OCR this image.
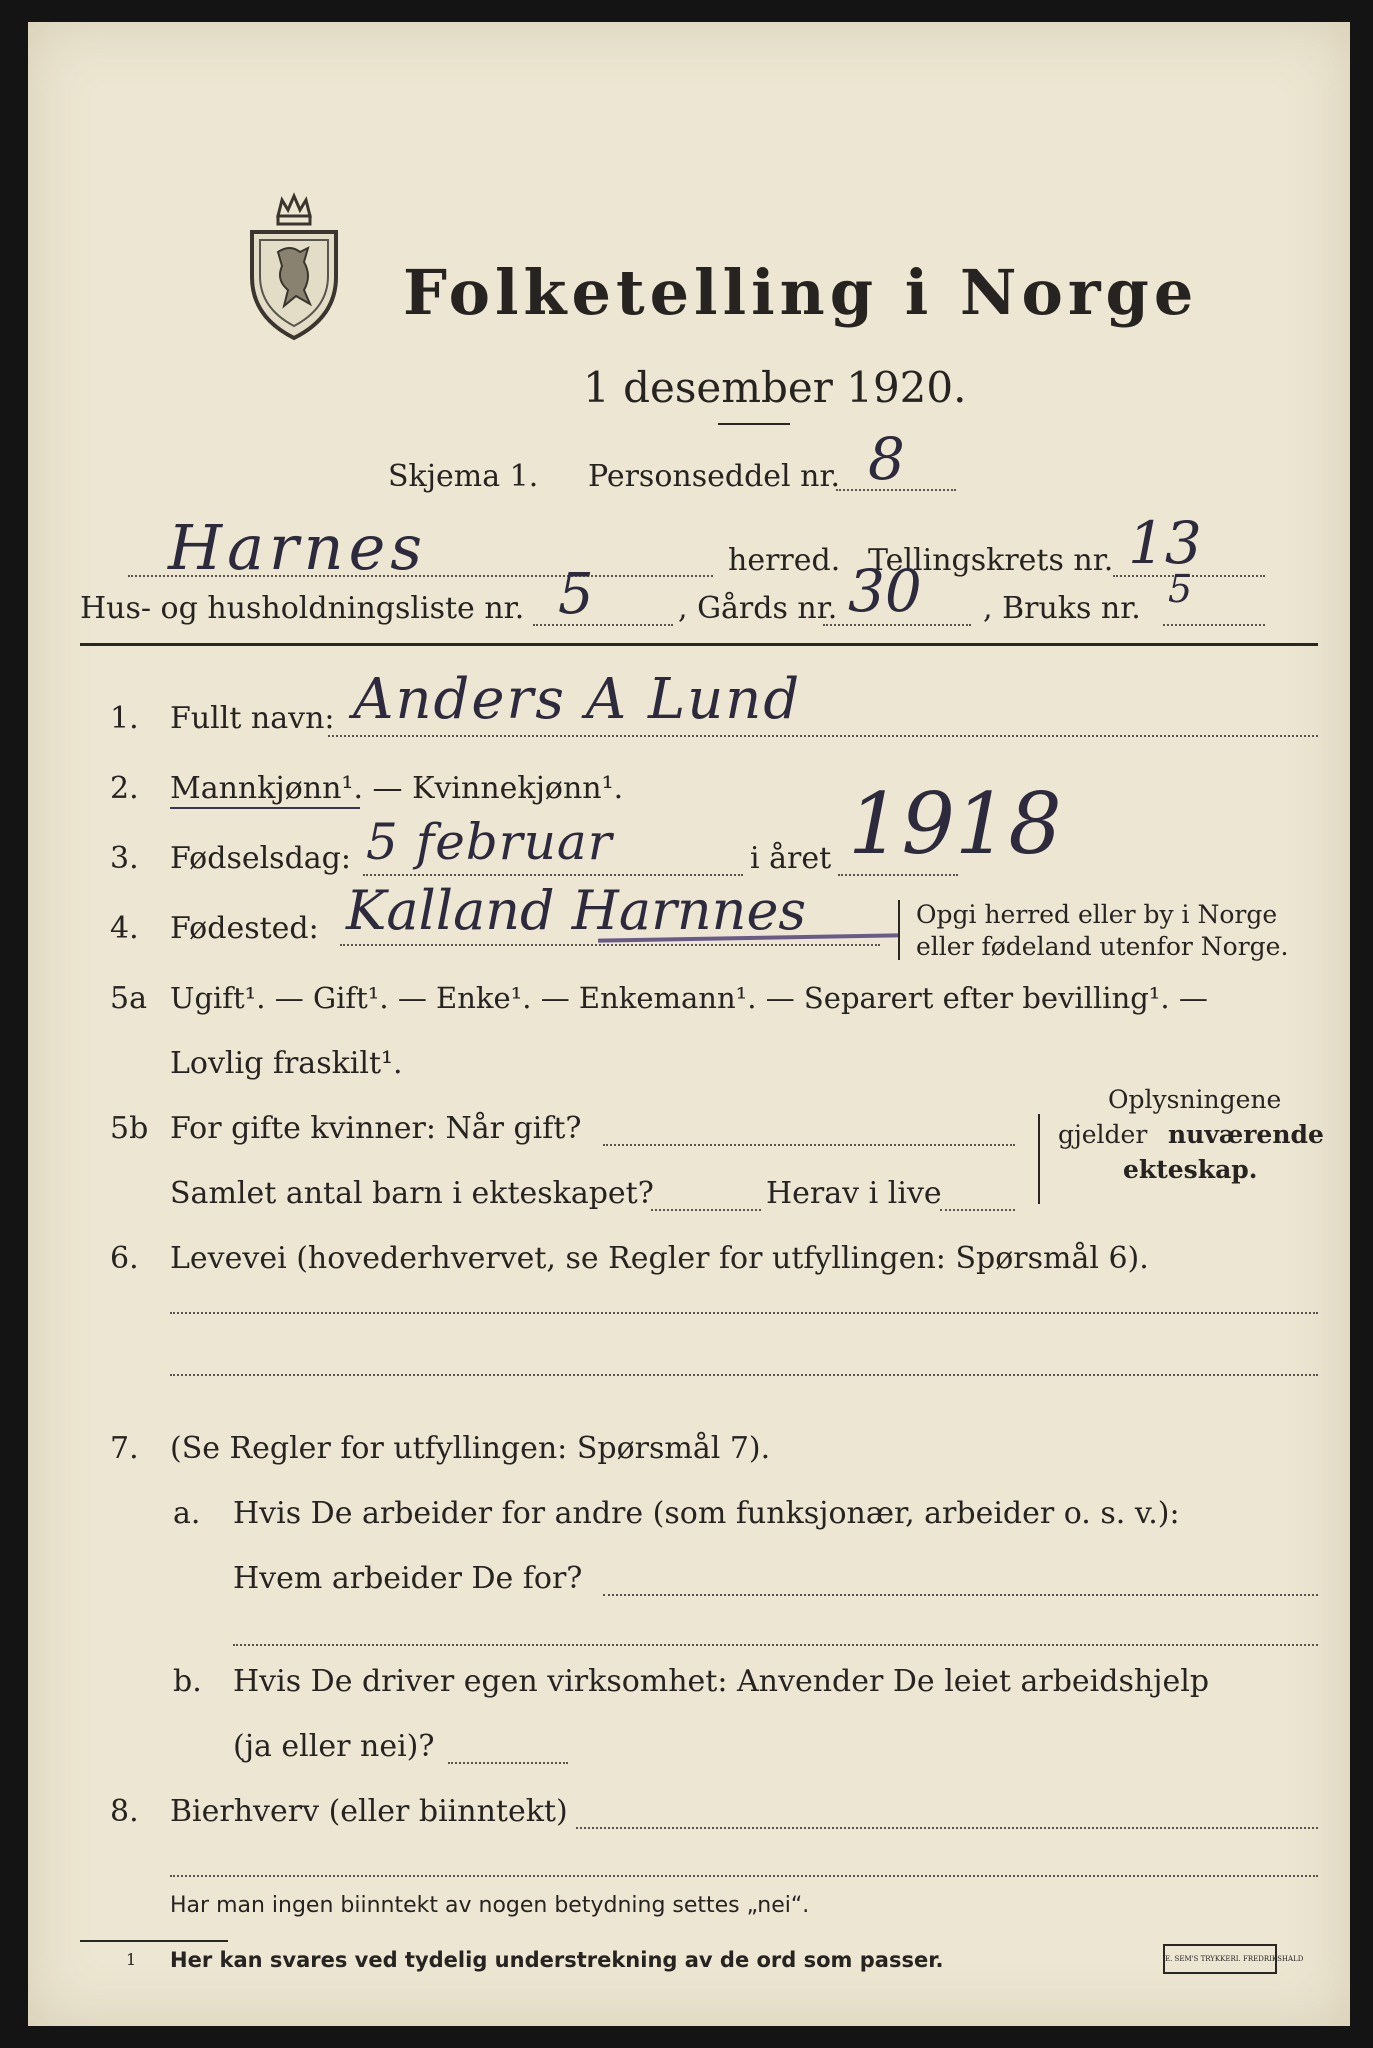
Folketelling i Norge
1 desember 1920.
Skjema 1. Personseddel nr. 8
Harnes	herred. Tellingskrets nr. 13
Hus- og husholdningsliste nr. 5	, Gårds nr. 30 , Bruks nr. 5
1. Fullt navn: Anders A Lund
2. Mannkjønn¹. — Kvinnekjønn¹.
3. Fødselsdag: 5 februar	i året 1918
4. Fødested: Kalland Harnnes	Opgi herred eller by i Norge
eller fødeland utenfor Norge.
5a Ugift¹. — Gift¹. — Enke¹. — Enkemann¹. — Separert efter bevilling¹. —
Lovlig fraskilt¹.
5b For gifte kvinner: Når gift?
Samlet antal barn i ekteskapet?	Herav i live
Oplysningene
gjelder nuværende
ekteskap.
6. Levevei (hovederhvervet, se Regler for utfyllingen: Spørsmål 6).
7. (Se Regler for utfyllingen: Spørsmål 7).
a. Hvis De arbeider for andre (som funksjonær, arbeider o. s. v.):
Hvem arbeider De for?
b. Hvis De driver egen virksomhet: Anvender De leiet arbeidshjelp
(ja eller nei)?
8. Bierhverv (eller biinntekt)
Har man ingen biinntekt av nogen betydning settes „nei“.
1 Her kan svares ved tydelig understrekning av de ord som passer.	E. SEM'S TRYKKERI. FREDRIKSHALD
